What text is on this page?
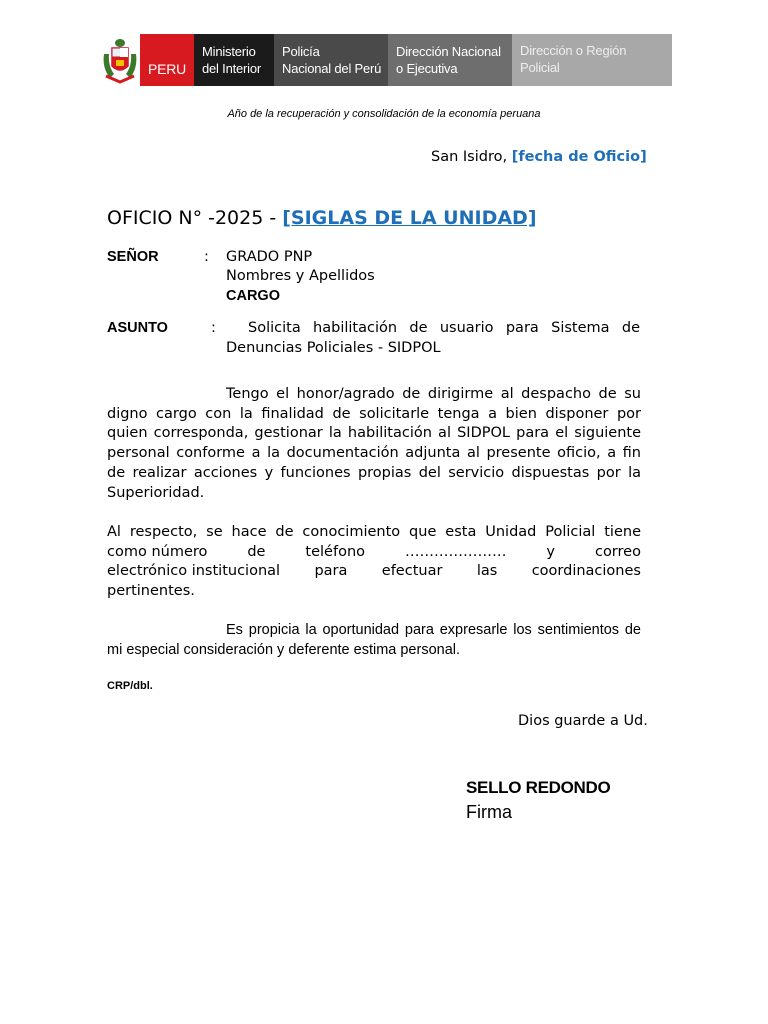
PERU
Ministerio
del Interior
Policía
Nacional del Perú
Dirección Nacional
o Ejecutiva
Dirección o Región
Policial
Año de la recuperación y consolidación de la economía peruana
San Isidro, [fecha de Oficio]
OFICIO N° -2025 - [SIGLAS DE LA UNIDAD]
SEÑOR	: GRADO PNP
Nombres y Apellidos
CARGO
ASUNTO	: Solicita habilitación de usuario para Sistema de
Denuncias Policiales - SIDPOL
Tengo el honor/agrado de dirigirme al despacho de su digno cargo con la finalidad de solicitarle tenga a bien disponer por quien corresponda, gestionar la habilitación al SIDPOL para el siguiente personal conforme a la documentación adjunta al presente oficio, a fin de realizar acciones y funciones propias del servicio dispuestas por la Superioridad.
Al respecto, se hace de conocimiento que esta Unidad Policial tiene
como número	de	teléfono	…………………	y	correo
electrónico institucional para efectuar las coordinaciones
pertinentes.
Es propicia la oportunidad para expresarle los sentimientos de mi especial consideración y deferente estima personal.
CRP/dbl.
Dios guarde a Ud.
SELLO REDONDO
Firma
